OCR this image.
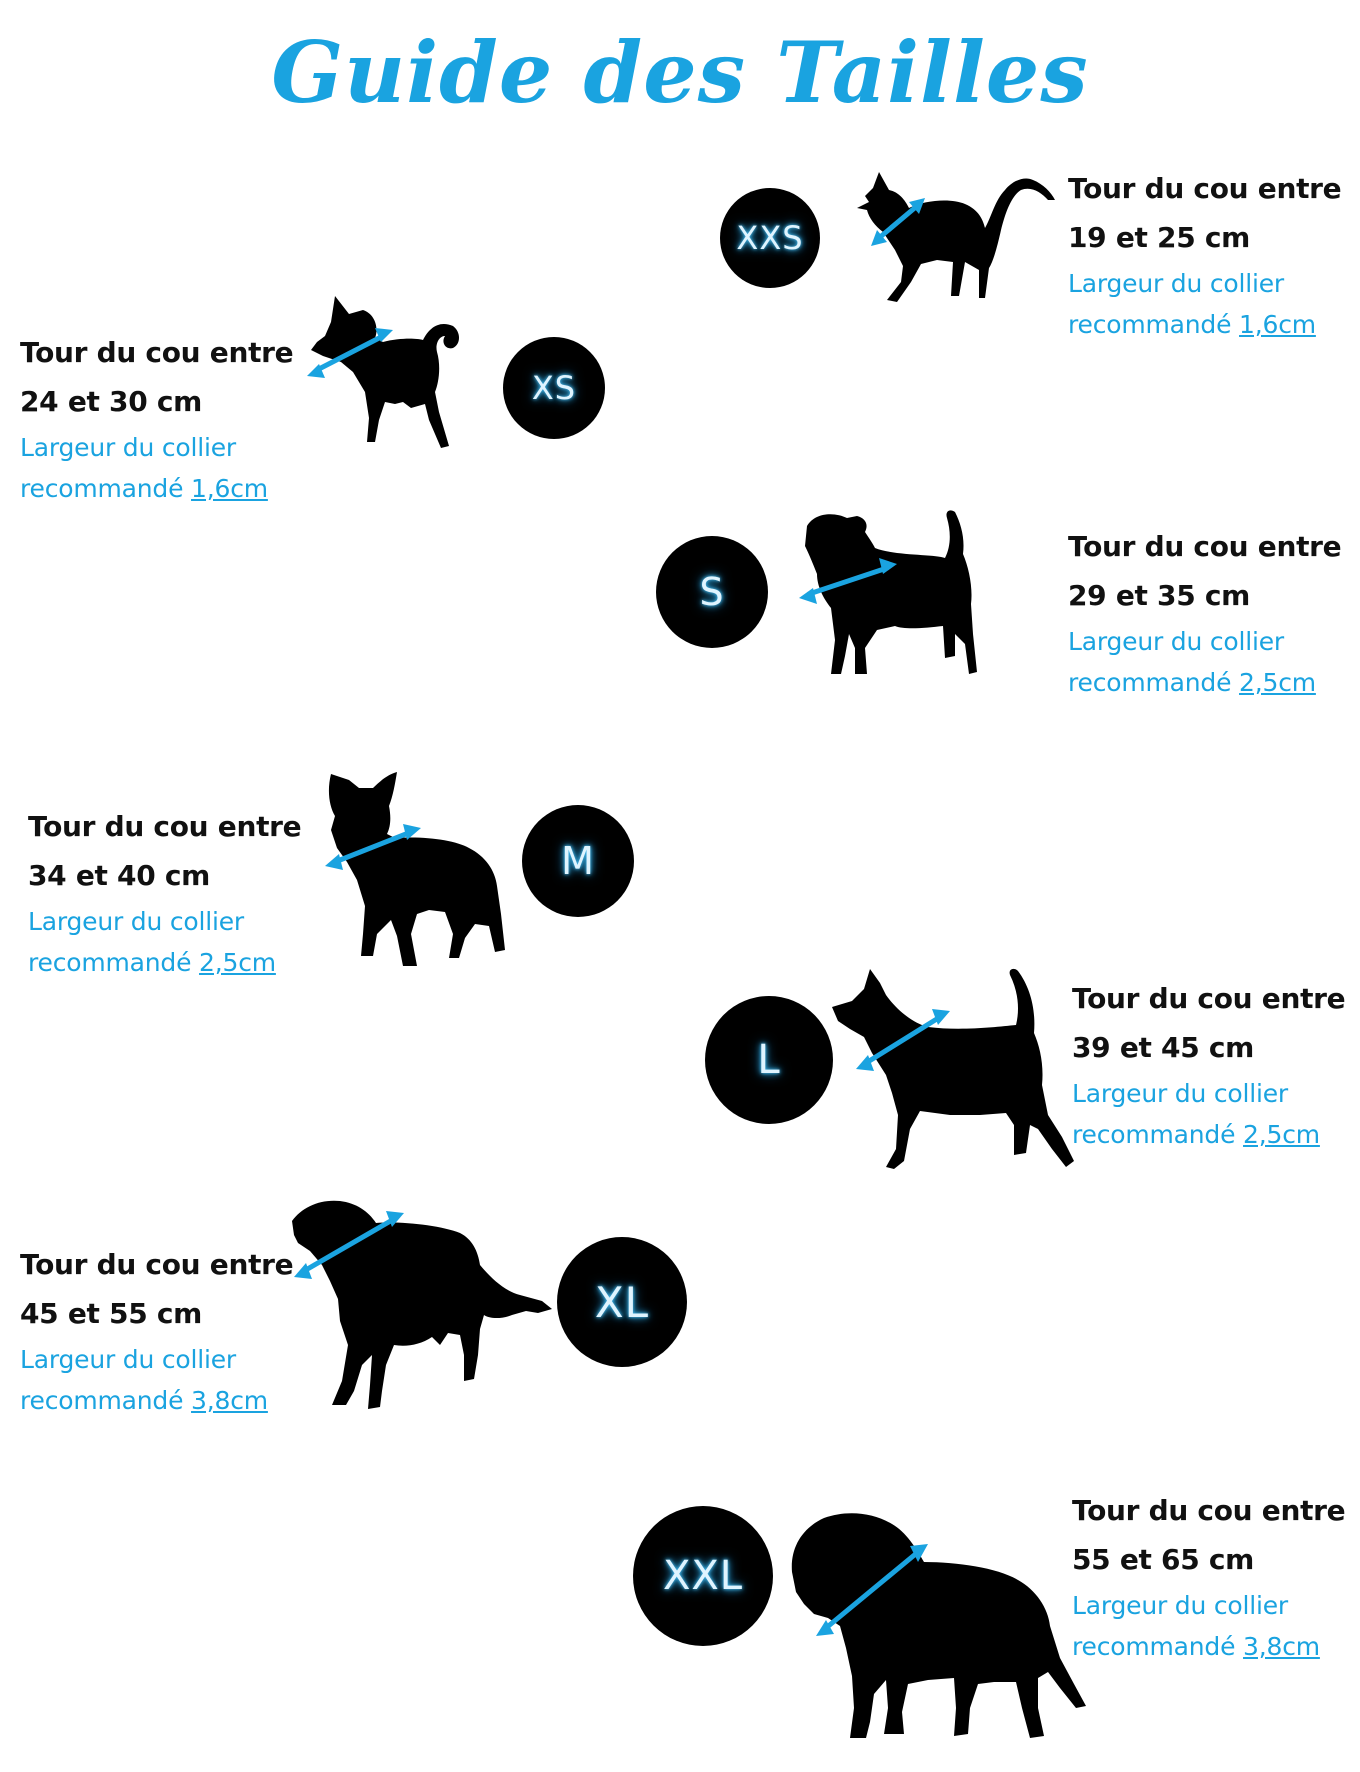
Guide des Tailles
XXS
Tour du cou entre
19 et 25 cm
Largeur du collier
recommandé 1,6cm
Tour du cou entre
24 et 30 cm
Largeur du collier
recommandé 1,6cm
XS
S
Tour du cou entre
29 et 35 cm
Largeur du collier
recommandé 2,5cm
Tour du cou entre
34 et 40 cm
Largeur du collier
recommandé 2,5cm
M
L
Tour du cou entre
39 et 45 cm
Largeur du collier
recommandé 2,5cm
Tour du cou entre
45 et 55 cm
Largeur du collier
recommandé 3,8cm
XL
XXL
Tour du cou entre
55 et 65 cm
Largeur du collier
recommandé 3,8cm
